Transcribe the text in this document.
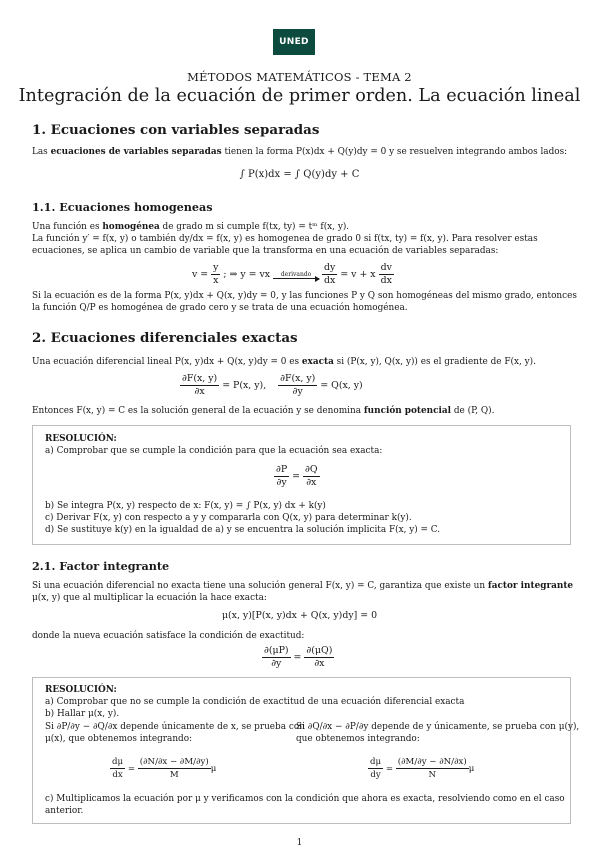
UNED
MÉTODOS MATEMÁTICOS - TEMA 2
Integración de la ecuación de primer orden. La ecuación lineal
1. Ecuaciones con variables separadas
Las ecuaciones de variables separadas tienen la forma P(x)dx + Q(y)dy = 0 y se resuelven integrando ambos lados:
∫ P(x)dx = ∫ Q(y)dy + C
1.1. Ecuaciones homogeneas
Una función es homogénea de grado m si cumple f(tx, ty) = tᵐ f(x, y).
La función y′ = f(x, y) o también dy/dx = f(x, y) es homogenea de grado 0 si f(tx, ty) = f(x, y). Para resolver estas
ecuaciones, se aplica un cambio de variable que la transforma en una ecuación de variables separadas:
$v = \frac{y}{x}$ ; ⇒ y = vx	derivando
	$\frac{dy}{dx} = v + x \frac{dv}{dx}$
Si la ecuación es de la forma P(x, y)dx + Q(x, y)dy = 0, y las funciones P y Q son homogéneas del mismo grado, entonces
la función Q/P es homogénea de grado cero y se trata de una ecuación homogénea.
2. Ecuaciones diferenciales exactas
Una ecuación diferencial lineal P(x, y)dx + Q(x, y)dy = 0 es exacta si (P(x, y), Q(x, y)) es el gradiente de F(x, y).
$\frac{\partial F(x, y)}{\partial x} = P(x$, y), $\frac{\partial F(x, y)}{\partial y} = Q(x$, y)
Entonces F(x, y) = C es la solución general de la ecuación y se denomina función potencial de (P, Q).
RESOLUCIÓN:
a) Comprobar que se cumple la condición para que la ecuación sea exacta:
$\frac{\partial P}{\partial y} = \frac{\partial Q}{\partial x}$
b) Se integra P(x, y) respecto de x: F(x, y) = ∫ P(x, y) dx + k(y)
c) Derivar F(x, y) con respecto a y y compararla con Q(x, y) para determinar k(y).
d) Se sustituye k(y) en la igualdad de a) y se encuentra la solución implicita F(x, y) = C.
2.1. Factor integrante
Si una ecuación diferencial no exacta tiene una solución general F(x, y) = C, garantiza que existe un factor integrante
μ(x, y) que al multiplicar la ecuación la hace exacta:
μ(x, y)[P(x, y)dx + Q(x, y)dy] = 0
donde la nueva ecuación satisface la condición de exactitud:
$\frac{\partial(\mu P)}{\partial y} = \frac{\partial(\mu Q)}{\partial x}$
RESOLUCIÓN:
a) Comprobar que no se cumple la condición de exactitud de una ecuación diferencial exacta
b) Hallar μ(x, y).
Si ∂P/∂y − ∂Q/∂x depende únicamente de x, se prueba con
μ(x), que obtenemos integrando:
Si ∂Q/∂x − ∂P/∂y depende de y únicamente, se prueba con μ(y),
que obtenemos integrando:
$\frac{d\mu}{dx} = \frac{(\partial N/\partial x - \partial M/\partial y)}{M}$ μ	$\frac{d\mu}{dy} = \frac{(\partial M/\partial y - \partial N/\partial x)}{N}$ μ
c) Multiplicamos la ecuación por μ y verificamos con la condición que ahora es exacta, resolviendo como en el caso
anterior.
1
